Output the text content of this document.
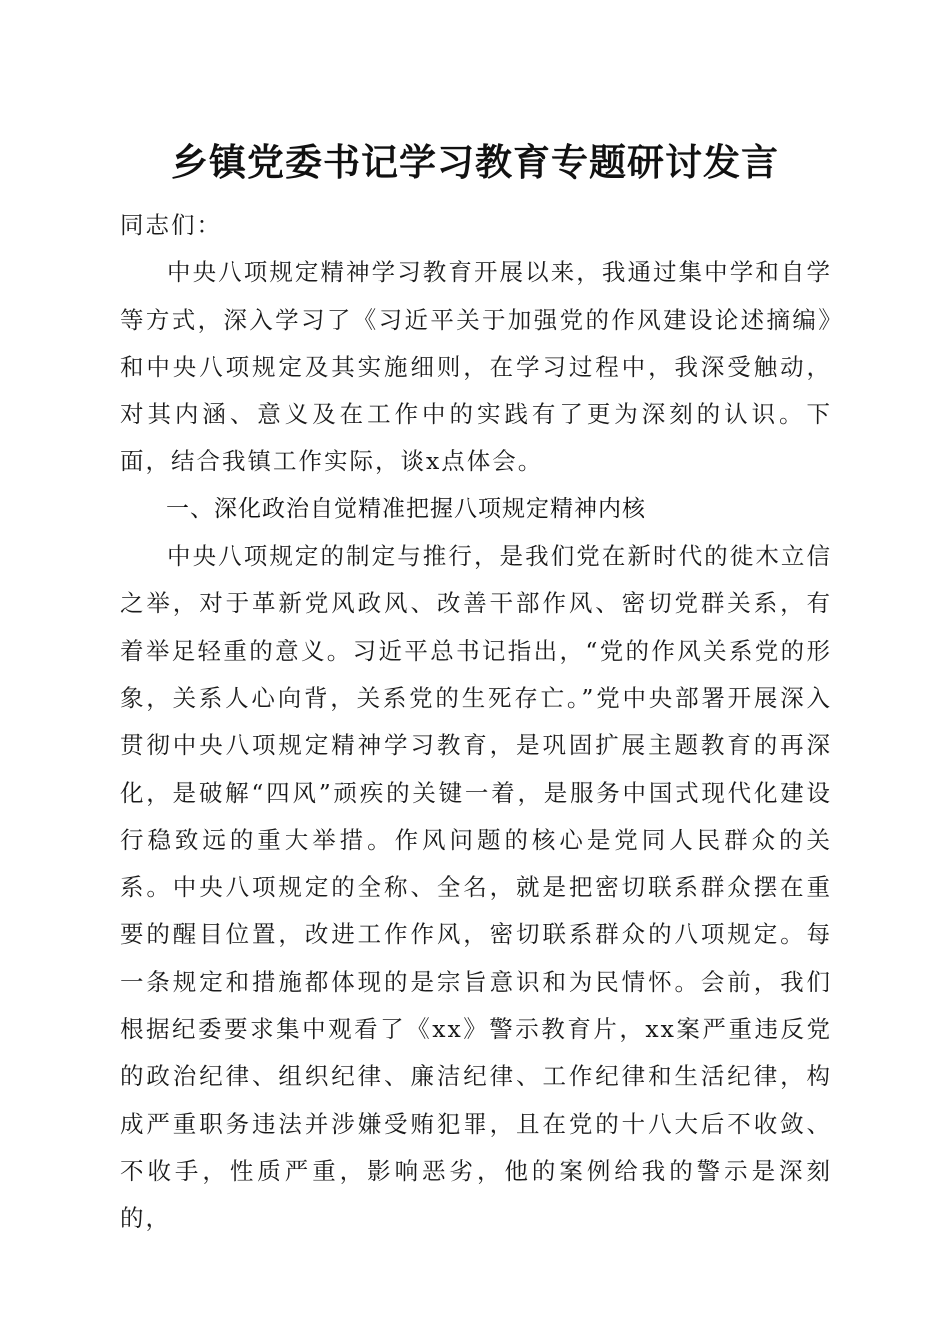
乡镇党委书记学习教育专题研讨发言

同志们：

中央八项规定精神学习教育开展以来，我通过集中学和自学等方式，深入学习了《习近平关于加强党的作风建设论述摘编》和中央八项规定及其实施细则，在学习过程中，我深受触动，对其内涵、意义及在工作中的实践有了更为深刻的认识。下面，结合我镇工作实际，谈x点体会。

一、深化政治自觉精准把握八项规定精神内核

中央八项规定的制定与推行，是我们党在新时代的徙木立信之举，对于革新党风政风、改善干部作风、密切党群关系，有着举足轻重的意义。习近平总书记指出，“党的作风关系党的形象，关系人心向背，关系党的生死存亡。”党中央部署开展深入贯彻中央八项规定精神学习教育，是巩固扩展主题教育的再深化，是破解“四风”顽疾的关键一着，是服务中国式现代化建设行稳致远的重大举措。作风问题的核心是党同人民群众的关系。中央八项规定的全称、全名，就是把密切联系群众摆在重要的醒目位置，改进工作作风，密切联系群众的八项规定。每一条规定和措施都体现的是宗旨意识和为民情怀。会前，我们根据纪委要求集中观看了《xx》警示教育片，xx案严重违反党的政治纪律、组织纪律、廉洁纪律、工作纪律和生活纪律，构成严重职务违法并涉嫌受贿犯罪，且在党的十八大后不收敛、不收手，性质严重，影响恶劣，他的案例给我的警示是深刻的，
